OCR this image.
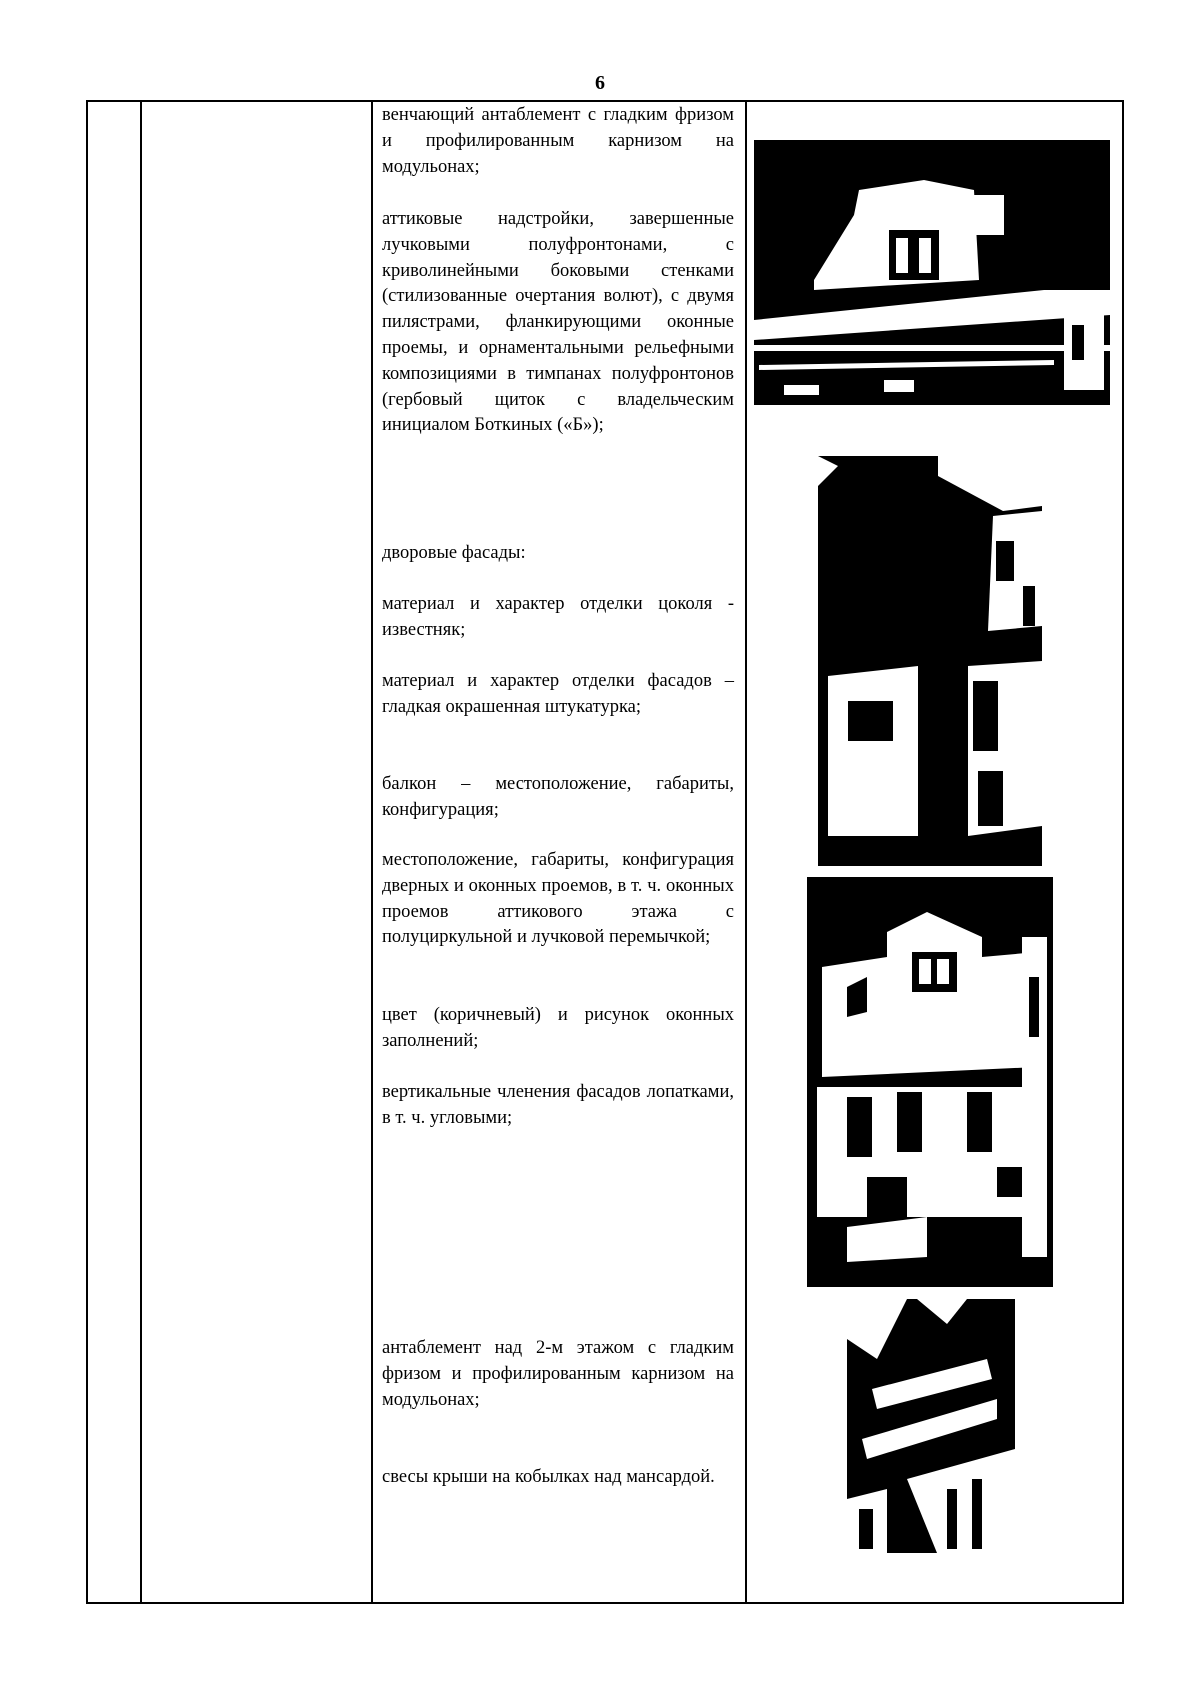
6
венчающий антаблемент с гладким фризом и профилированным карнизом на модульонах;
аттиковые надстройки, завершенные лучковыми полуфронтонами, с криволинейными боковыми стенками (стилизованные очертания волют), с двумя пилястрами, фланкирующими оконные проемы, и орнаментальными рельефными композициями в тимпанах полуфронтонов (гербовый щиток с владельческим инициалом Боткиных («Б»);
дворовые фасады:
материал и характер отделки цоколя - известняк;
материал и характер отделки фасадов – гладкая окрашенная штукатурка;
балкон – местоположение, габариты, конфигурация;
местоположение, габариты, конфигурация дверных и оконных проемов, в т. ч. оконных проемов аттикового этажа с полуциркульной и лучковой перемычкой;
цвет (коричневый) и рисунок оконных заполнений;
вертикальные членения фасадов лопатками, в т. ч. угловыми;
антаблемент над 2-м этажом с гладким фризом и профилированным карнизом на модульонах;
свесы крыши на кобылках над мансардой.
